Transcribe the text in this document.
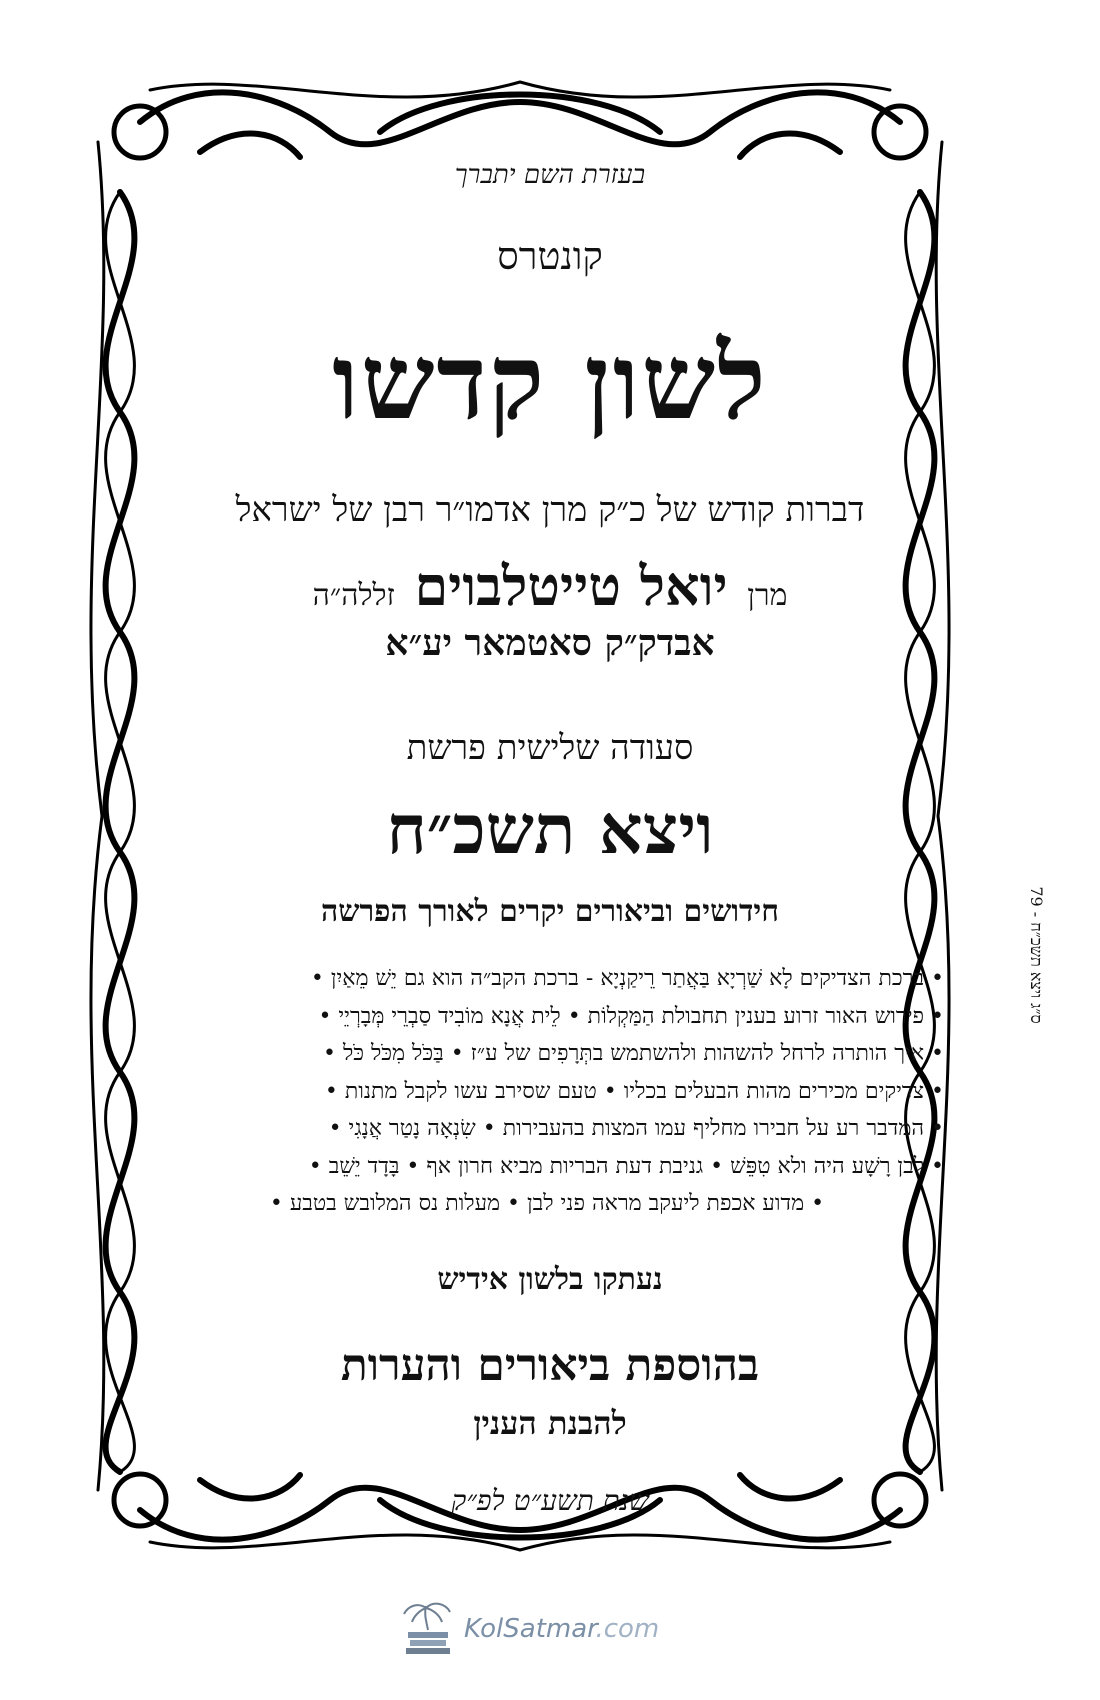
בעזרת השם יתברך
קונטרס
לשון קדשו
דברות קודש של כ״ק מרן אדמו״ר רבן של ישראל
מרן יואל טייטלבוים זללה״ה
אבדק״ק סאטמאר יע״א
סעודה שלישית פרשת
ויצא תשכ״ח
חידושים וביאורים יקרים לאורך הפרשה
• ברכת הצדיקים לָא שַׁרְיָא בַּאֲתַר רֵיקַנְיָא - ברכת הקב״ה הוא גם יֵשׁ מֵאַיִן •
• פירוש האור זרוע בענין תחבולת הַמַּקְלוֹת • לֵית אֲנָא מוֹבִיד סַבְרֵי מְּבָרְיֵי •
• איך הותרה לרחל להשהות ולהשתמש בתְּרָפִים של ע״ז • בַּכֹּל מִכֹּל כֹּל •
• צדיקים מכירים מהות הבעלים בכליו • טעם שסירב עשו לקבל מתנות •
• המדבר רע על חבירו מחליף עמו המצות בהעבירות • שִׂנְאָה נָטַר אֲנָגִי •
• לבן רָשָׁע היה ולא טִפֵּשׁ • גניבת דעת הבריות מביא חרון אף • בָּדָד יֵשֵׁב •
• מדוע אכפת ליעקב מראה פני לבן • מעלות נס המלובש בטבע •
נעתקו בלשון אידיש
בהוספת ביאורים והערות
להבנת הענין
שנת תשע״ט לפ״ק
ס״ג ויצא תשכ״ח - 79
KolSatmar.com
